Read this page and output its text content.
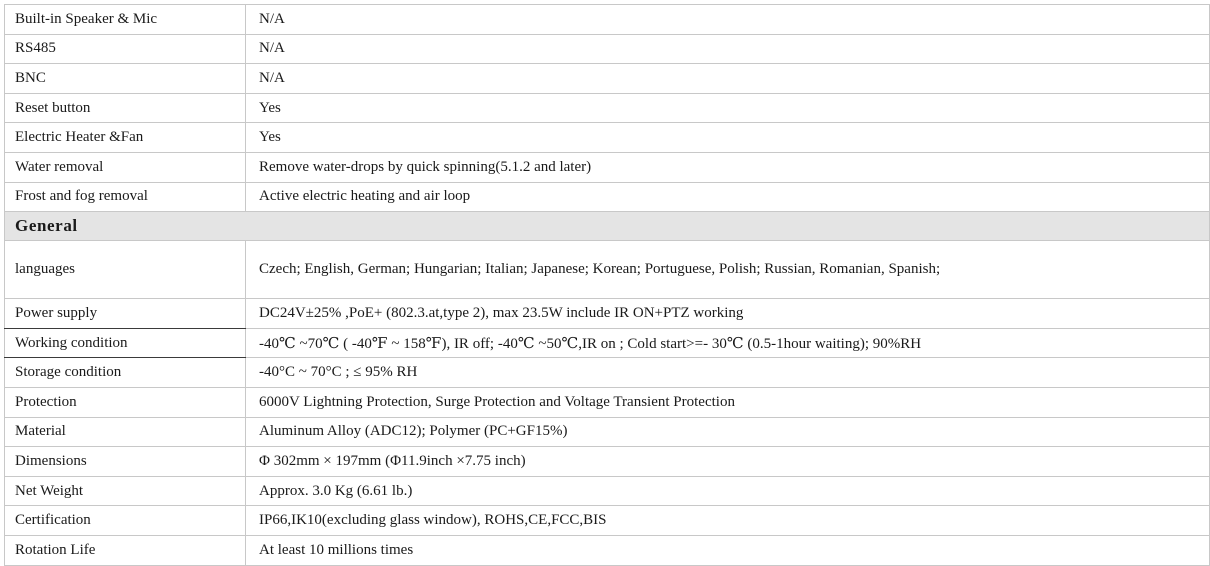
Built-in Speaker & Mic	N/A
RS485	N/A
BNC	N/A
Reset button	Yes
Electric Heater &Fan	Yes
Water removal	Remove water-drops by quick spinning(5.1.2 and later)
Frost and fog removal	Active electric heating and air loop
General	
languages	Czech; English, German; Hungarian; Italian; Japanese; Korean; Portuguese, Polish; Russian, Romanian, Spanish;
Power supply	DC24V±25% ,PoE+ (802.3.at,type 2), max 23.5W include IR ON+PTZ working
Working condition	-40℃ ~70℃ ( -40℉ ~ 158℉), IR off; -40℃ ~50℃,IR on ; Cold start>=- 30℃ (0.5-1hour waiting); 90%RH
Storage condition	-40°C ~ 70°C ; ≤ 95% RH
Protection	6000V Lightning Protection, Surge Protection and Voltage Transient Protection
Material	Aluminum Alloy (ADC12); Polymer (PC+GF15%)
Dimensions	Φ 302mm × 197mm (Φ11.9inch ×7.75 inch)
Net Weight	Approx. 3.0 Kg (6.61 lb.)
Certification	IP66,IK10(excluding glass window), ROHS,CE,FCC,BIS
Rotation Life	At least 10 millions times
